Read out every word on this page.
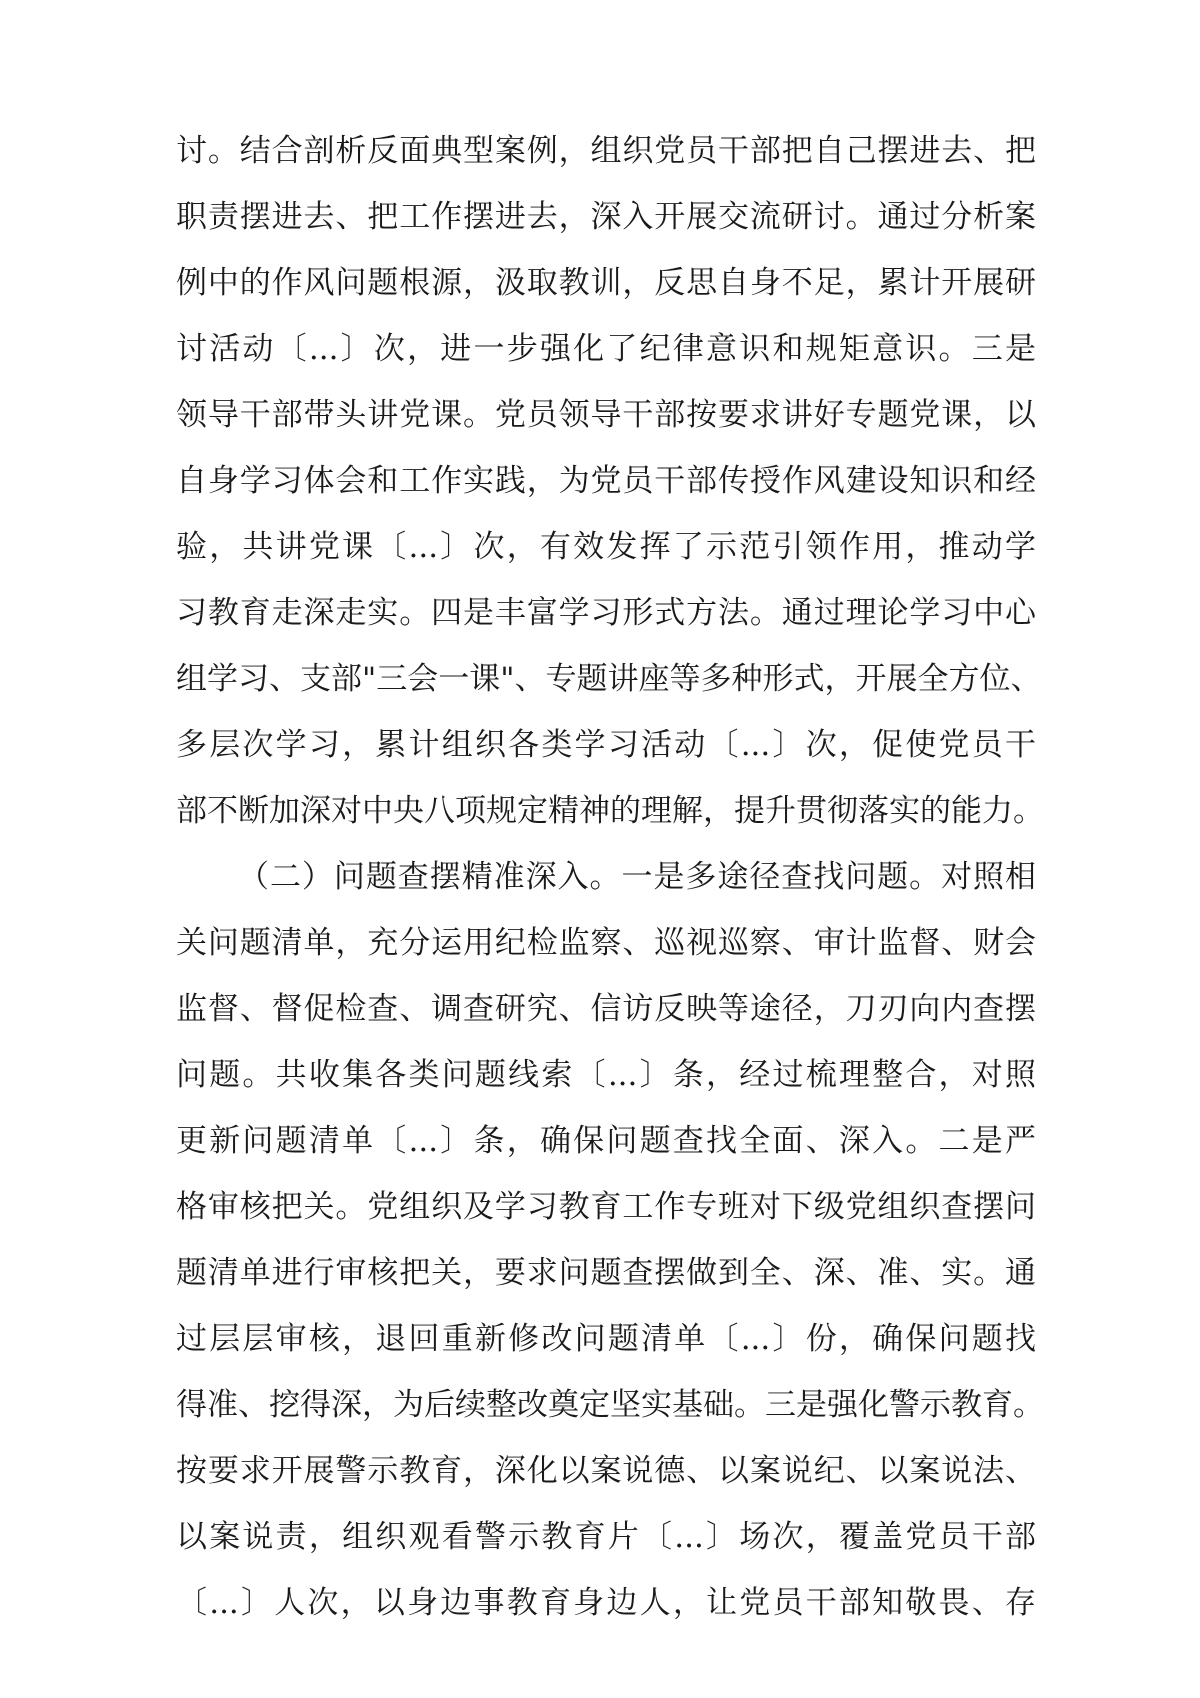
讨。结合剖析反面典型案例，组织党员干部把自己摆进去、把
职责摆进去、把工作摆进去，深入开展交流研讨。通过分析案
例中的作风问题根源，汲取教训，反思自身不足，累计开展研
讨活动〔...〕次，进一步强化了纪律意识和规矩意识。三是
领导干部带头讲党课。党员领导干部按要求讲好专题党课，以
自身学习体会和工作实践，为党员干部传授作风建设知识和经
验，共讲党课〔...〕次，有效发挥了示范引领作用，推动学
习教育走深走实。四是丰富学习形式方法。通过理论学习中心
组学习、支部"三会一课"、专题讲座等多种形式，开展全方位、
多层次学习，累计组织各类学习活动〔...〕次，促使党员干
部不断加深对中央八项规定精神的理解，提升贯彻落实的能力。
（二）问题查摆精准深入。一是多途径查找问题。对照相
关问题清单，充分运用纪检监察、巡视巡察、审计监督、财会
监督、督促检查、调查研究、信访反映等途径，刀刃向内查摆
问题。共收集各类问题线索〔...〕条，经过梳理整合，对照
更新问题清单〔...〕条，确保问题查找全面、深入。二是严
格审核把关。党组织及学习教育工作专班对下级党组织查摆问
题清单进行审核把关，要求问题查摆做到全、深、准、实。通
过层层审核，退回重新修改问题清单〔...〕份，确保问题找
得准、挖得深，为后续整改奠定坚实基础。三是强化警示教育。
按要求开展警示教育，深化以案说德、以案说纪、以案说法、
以案说责，组织观看警示教育片〔...〕场次，覆盖党员干部
〔...〕人次，以身边事教育身边人，让党员干部知敬畏、存
